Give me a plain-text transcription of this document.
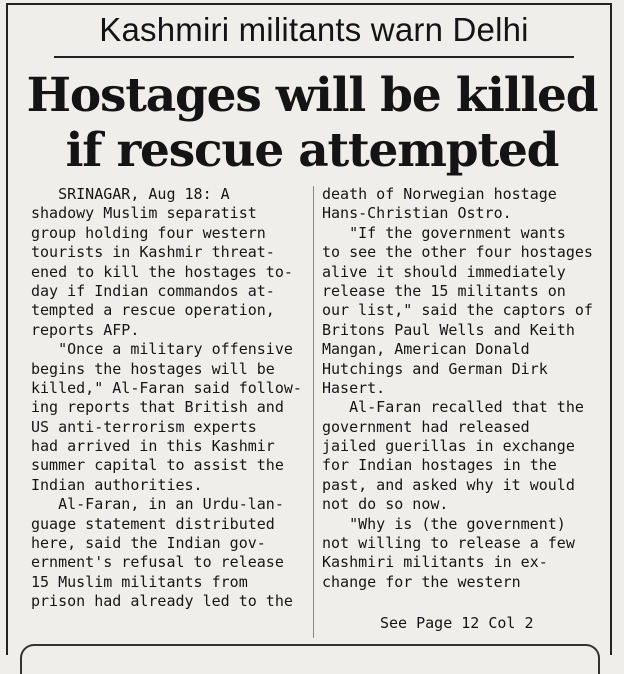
Kashmiri militants warn Delhi
Hostages will be killed
if rescue attempted
SRINAGAR, Aug 18: A
shadowy Muslim separatist
group holding four western
tourists in Kashmir threat-
ened to kill the hostages to-
day if Indian commandos at-
tempted a rescue operation,
reports AFP.
"Once a military offensive
begins the hostages will be
killed," Al-Faran said follow-
ing reports that British and
US anti-terrorism experts
had arrived in this Kashmir
summer capital to assist the
Indian authorities.
Al-Faran, in an Urdu-lan-
guage statement distributed
here, said the Indian gov-
ernment's refusal to release
15 Muslim militants from
prison had already led to the
death of Norwegian hostage
Hans-Christian Ostro.
"If the government wants
to see the other four hostages
alive it should immediately
release the 15 militants on
our list," said the captors of
Britons Paul Wells and Keith
Mangan, American Donald
Hutchings and German Dirk
Hasert.
Al-Faran recalled that the
government had released
jailed guerillas in exchange
for Indian hostages in the
past, and asked why it would
not do so now.
"Why is (the government)
not willing to release a few
Kashmiri militants in ex-
change for the western
See Page 12 Col 2
